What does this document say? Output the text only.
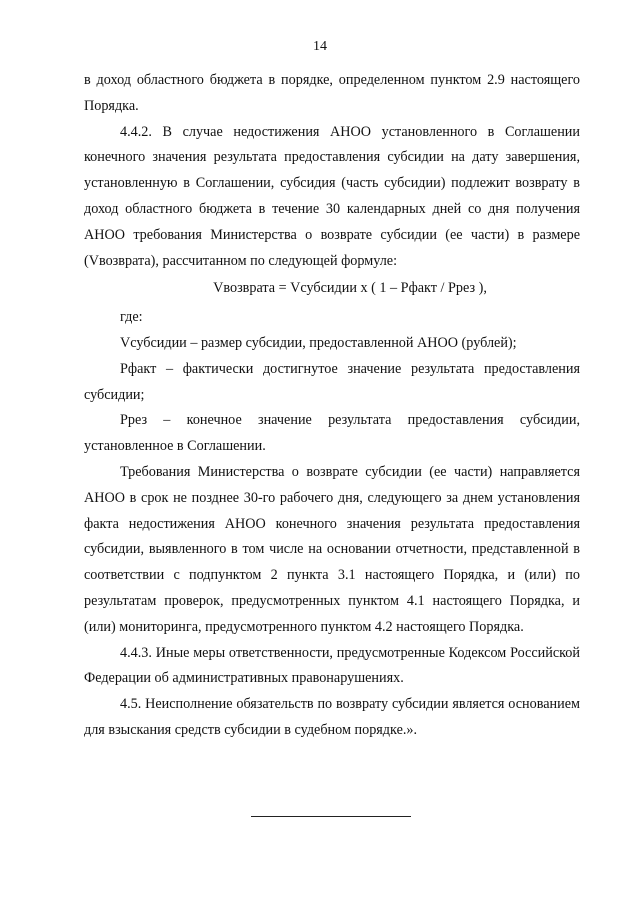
14

в доход областного бюджета в порядке, определенном пунктом 2.9 настоящего Порядка.

4.4.2. В случае недостижения АНОО установленного в Соглашении конечного значения результата предоставления субсидии на дату завершения, установленную в Соглашении, субсидия (часть субсидии) подлежит возврату в доход областного бюджета в течение 30 календарных дней со дня получения АНОО требования Министерства о возврате субсидии (ее части) в размере (Vвозврата), рассчитанном по следующей формуле:

Vвозврата = Vсубсидии x ( 1 – Рфакт / Ррез ),

где:

Vсубсидии – размер субсидии, предоставленной АНОО (рублей);

Рфакт – фактически достигнутое значение результата предоставления субсидии;

Ррез – конечное значение результата предоставления субсидии, установленное в Соглашении.

Требования Министерства о возврате субсидии (ее части) направляется АНОО в срок не позднее 30-го рабочего дня, следующего за днем установления факта недостижения АНОО конечного значения результата предоставления субсидии, выявленного в том числе на основании отчетности, представленной в соответствии с подпунктом 2 пункта 3.1 настоящего Порядка, и (или) по результатам проверок, предусмотренных пунктом 4.1 настоящего Порядка, и (или) мониторинга, предусмотренного пунктом 4.2 настоящего Порядка.

4.4.3. Иные меры ответственности, предусмотренные Кодексом Российской Федерации об административных правонарушениях.

4.5. Неисполнение обязательств по возврату субсидии является основанием для взыскания средств субсидии в судебном порядке.».
